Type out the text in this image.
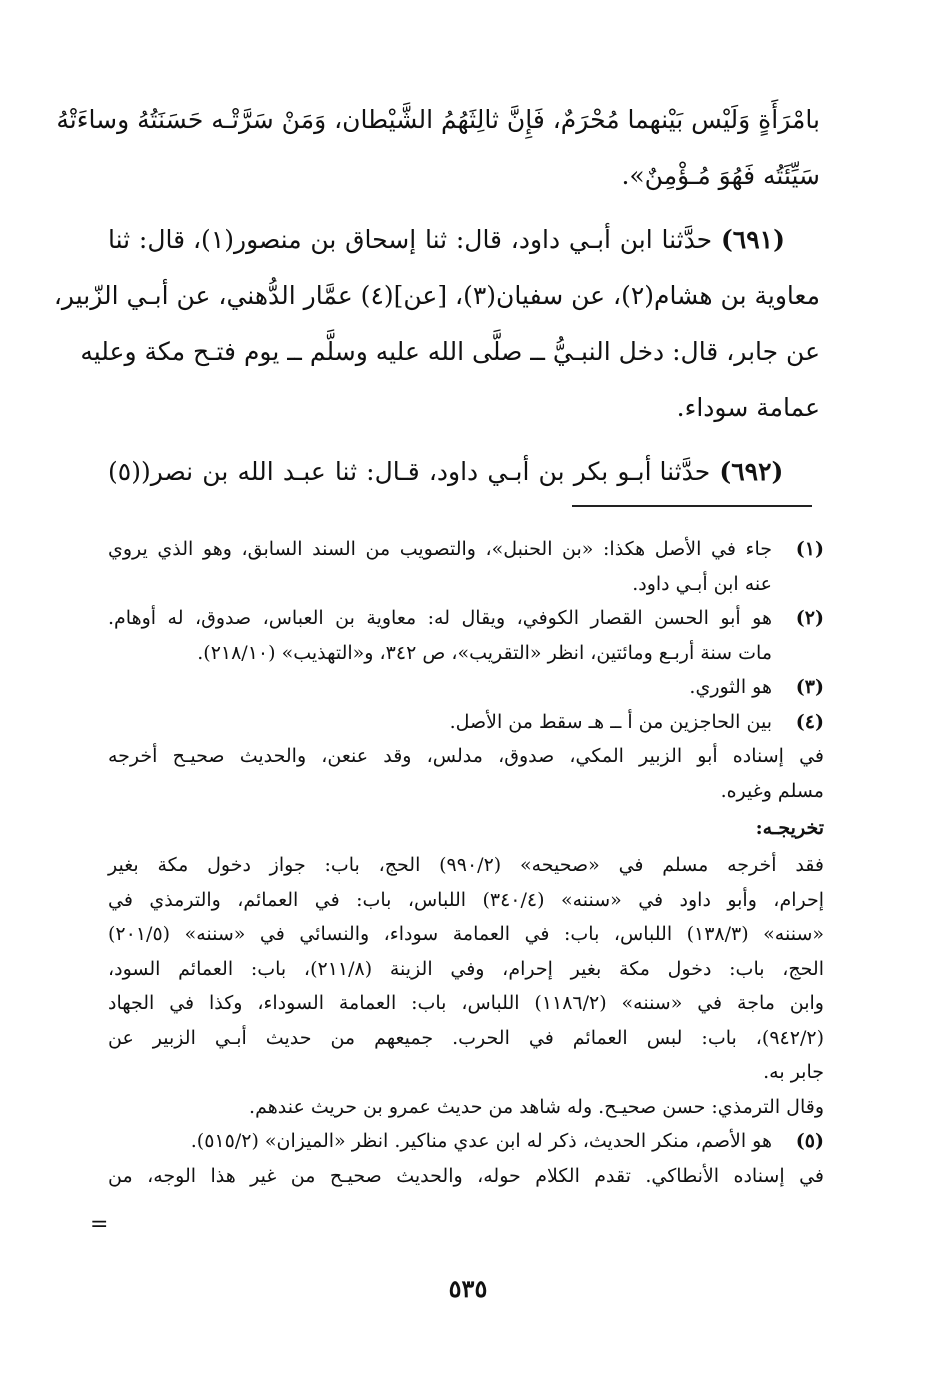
بامْرَأَةٍ وَلَيْس بَيْنهما مُحْرَمٌ، فَإِنَّ ثالِثَهُمُ الشَّيْطان، وَمَنْ سَرَّتْـه حَسَنَتُهُ وساءَتْهُ
سَيِّئَتُه فَهُوَ مُـؤْمِنٌ».
(٦٩١) حدَّثنا ابن أبـي داود، قال: ثنا إسحاق بن منصور(١)، قال: ثنا
معاوية بن هشام(٢)، عن سفيان(٣)، [عن](٤) عمَّار الدُّهني، عن أبـي الزّبير،
عن جابر، قال: دخل النبـيُّ ــ صلَّى الله عليه وسلَّم ــ يوم فتـح مكة وعليه
عمامة سوداء.
(٦٩٢) حدَّثنا أبـو بكر بن أبـي داود، قـال: ثنا عبـد الله بن نصر((٥)
(١)
جاء في الأصل هكذا: «بن الحنبل»، والتصويب من السند السابق، وهو الذي يروي
عنه ابن أبـي داود.
(٢)
هو أبو الحسن القصار الكوفي، ويقال له: معاوية بن العباس، صدوق، له أوهام.
مات سنة أربـع ومائتين، انظر «التقريب»، ص ٣٤٢، و«التهذيب» (٢١٨/١٠).
(٣)
هو الثوري.
(٤)
بين الحاجزين من أ ــ هـ سقط من الأصل.
في إسناده أبو الزبير المكي، صدوق، مدلس، وقد عنعن، والحديث صحيـح أخرجه
مسلم وغيره.
تخريجـه:
فقد أخرجه مسلم في «صحيحه» (٩٩٠/٢) الحج، باب: جواز دخول مكة بغير
إحرام، وأبو داود في «سننه» (٣٤٠/٤) اللباس، باب: في العمائم، والترمذي في
«سننه» (١٣٨/٣) اللباس، باب: في العمامة سوداء، والنسائي في «سننه» (٢٠١/٥)
الحج، باب: دخول مكة بغير إحرام، وفي الزينة (٢١١/٨)، باب: العمائم السود،
وابن ماجة في «سننه» (١١٨٦/٢) اللباس، باب: العمامة السوداء، وكذا في الجهاد
(٩٤٢/٢)، باب: لبس العمائم في الحرب. جميعهم من حديث أبـي الزبير عن
جابر به.
وقال الترمذي: حسن صحيـح. وله شاهد من حديث عمرو بن حريث عندهم.
(٥)
هو الأصم، منكر الحديث، ذكر له ابن عدي مناكير. انظر «الميزان» (٥١٥/٢).
في إسناده الأنطاكي. تقدم الكلام حوله، والحديث صحيـح من غير هذا الوجه، من
=
٥٣٥
